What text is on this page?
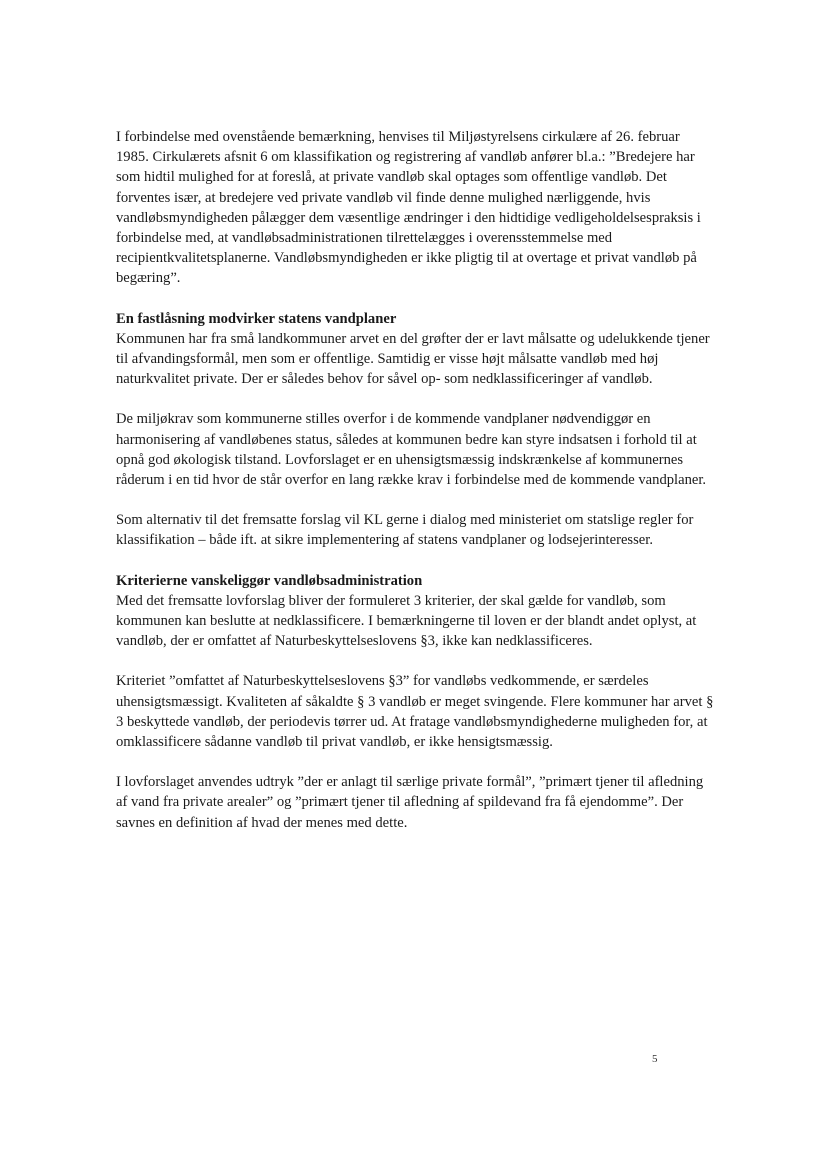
I forbindelse med ovenstående bemærkning, henvises til Miljøstyrelsens cirkulære af 26. februar 1985. Cirkulærets afsnit 6 om klassifikation og registrering af vandløb anfører bl.a.: ”Bredejere har som hidtil mulighed for at foreslå, at private vandløb skal optages som offentlige vandløb. Det forventes især, at bredejere ved private vandløb vil finde denne mulighed nærliggende, hvis vandløbsmyndigheden pålægger dem væsentlige ændringer i den hidtidige vedligeholdelsespraksis i forbindelse med, at vandløbsadministrationen tilrettelægges i overensstemmelse med recipientkvalitetsplanerne. Vandløbsmyndigheden er ikke pligtig til at overtage et privat vandløb på begæring”.

En fastlåsning modvirker statens vandplaner

Kommunen har fra små landkommuner arvet en del grøfter der er lavt målsatte og udelukkende tjener til afvandingsformål, men som er offentlige. Samtidig er visse højt målsatte vandløb med høj naturkvalitet private. Der er således behov for såvel op- som nedklassificeringer af vandløb.

De miljøkrav som kommunerne stilles overfor i de kommende vandplaner nødvendiggør en harmonisering af vandløbenes status, således at kommunen bedre kan styre indsatsen i forhold til at opnå god økologisk tilstand. Lovforslaget er en uhensigtsmæssig indskrænkelse af kommunernes råderum i en tid hvor de står overfor en lang række krav i forbindelse med de kommende vandplaner.

Som alternativ til det fremsatte forslag vil KL gerne i dialog med ministeriet om statslige regler for klassifikation – både ift. at sikre implementering af statens vandplaner og lodsejerinteresser.

Kriterierne vanskeliggør vandløbsadministration

Med det fremsatte lovforslag bliver der formuleret 3 kriterier, der skal gælde for vandløb, som kommunen kan beslutte at nedklassificere. I bemærkningerne til loven er der blandt andet oplyst, at vandløb, der er omfattet af Naturbeskyttelseslovens §3, ikke kan nedklassificeres.

Kriteriet ”omfattet af Naturbeskyttelseslovens §3” for vandløbs vedkommende, er særdeles uhensigtsmæssigt. Kvaliteten af såkaldte § 3 vandløb er meget svingende. Flere kommuner har arvet § 3 beskyttede vandløb, der periodevis tørrer ud. At fratage vandløbsmyndighederne muligheden for, at omklassificere sådanne vandløb til privat vandløb, er ikke hensigtsmæssig.

I lovforslaget anvendes udtryk ”der er anlagt til særlige private formål”, ”primært tjener til afledning af vand fra private arealer” og ”primært tjener til afledning af spildevand fra få ejendomme”. Der savnes en definition af hvad der menes med dette.

5
